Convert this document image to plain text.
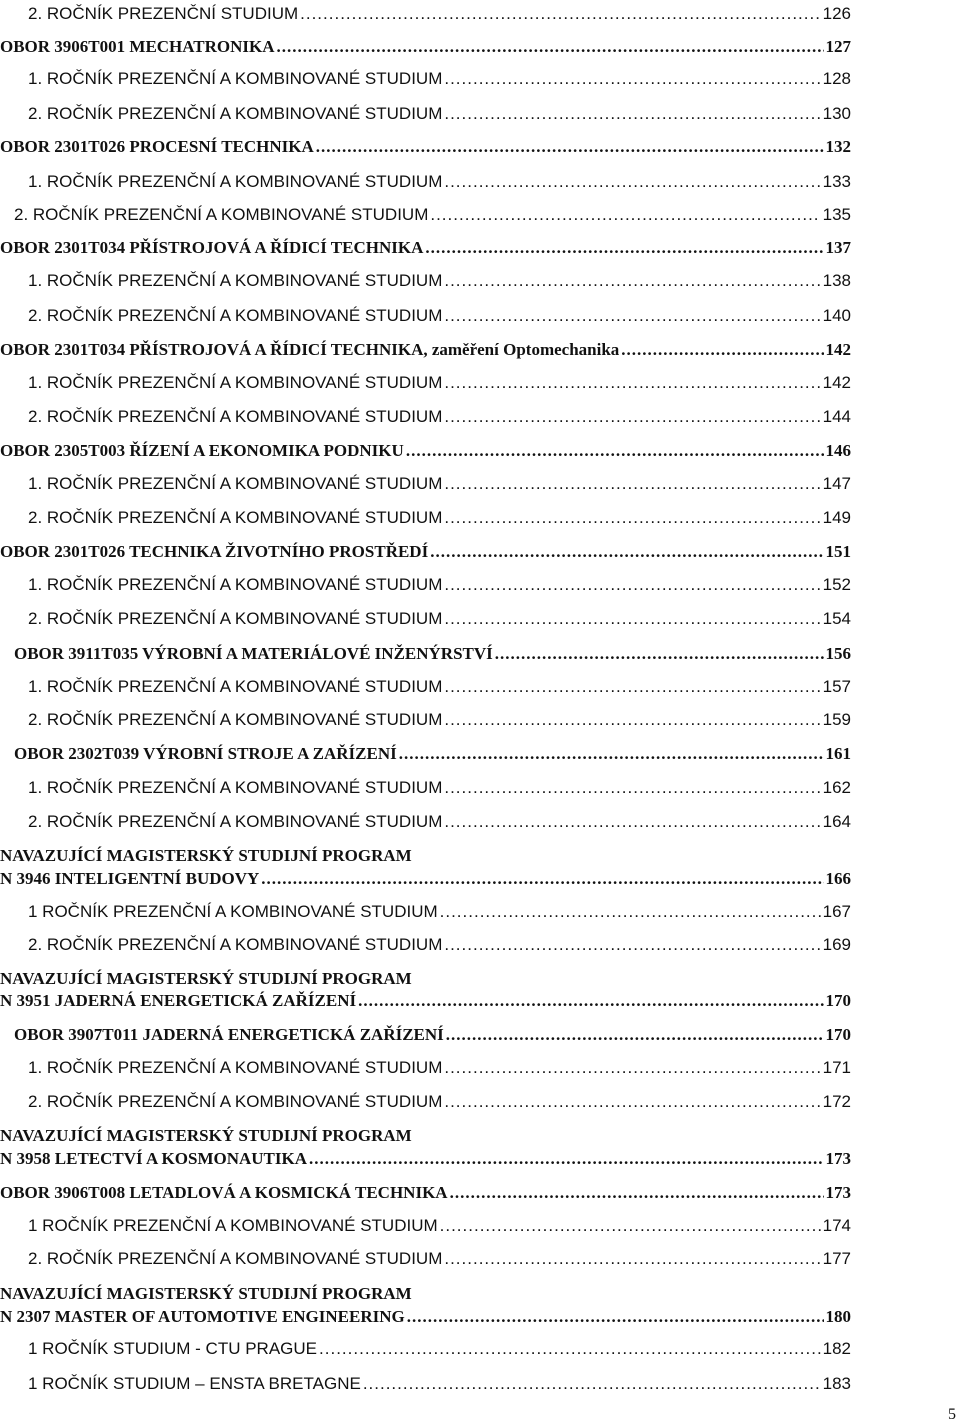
2. ROČNÍK PREZENČNÍ STUDIUM .....	126
OBOR 3906T001 MECHATRONIKA .....	127
1. ROČNÍK PREZENČNÍ A KOMBINOVANÉ STUDIUM .....	128
2. ROČNÍK PREZENČNÍ A KOMBINOVANÉ STUDIUM .....	130
OBOR 2301T026 PROCESNÍ TECHNIKA .....	132
1. ROČNÍK PREZENČNÍ A KOMBINOVANÉ STUDIUM .....	133
2. ROČNÍK PREZENČNÍ A KOMBINOVANÉ STUDIUM .....	135
OBOR 2301T034 PŘÍSTROJOVÁ A ŘÍDICÍ TECHNIKA .....	137
1. ROČNÍK PREZENČNÍ A KOMBINOVANÉ STUDIUM .....	138
2. ROČNÍK PREZENČNÍ A KOMBINOVANÉ STUDIUM .....	140
OBOR 2301T034 PŘÍSTROJOVÁ A ŘÍDICÍ TECHNIKA, zaměření Optomechanika .....	142
1. ROČNÍK PREZENČNÍ A KOMBINOVANÉ STUDIUM .....	142
2. ROČNÍK PREZENČNÍ A KOMBINOVANÉ STUDIUM .....	144
OBOR 2305T003 ŘÍZENÍ A EKONOMIKA PODNIKU .....	146
1. ROČNÍK PREZENČNÍ A KOMBINOVANÉ STUDIUM .....	147
2. ROČNÍK PREZENČNÍ A KOMBINOVANÉ STUDIUM .....	149
OBOR 2301T026 TECHNIKA ŽIVOTNÍHO PROSTŘEDÍ .....	151
1. ROČNÍK PREZENČNÍ A KOMBINOVANÉ STUDIUM .....	152
2. ROČNÍK PREZENČNÍ A KOMBINOVANÉ STUDIUM .....	154
OBOR 3911T035 VÝROBNÍ A MATERIÁLOVÉ INŽENÝRSTVÍ .....	156
1. ROČNÍK PREZENČNÍ A KOMBINOVANÉ STUDIUM .....	157
2. ROČNÍK PREZENČNÍ A KOMBINOVANÉ STUDIUM .....	159
OBOR 2302T039 VÝROBNÍ STROJE A ZAŘÍZENÍ .....	161
1. ROČNÍK PREZENČNÍ A KOMBINOVANÉ STUDIUM .....	162
2. ROČNÍK PREZENČNÍ A KOMBINOVANÉ STUDIUM .....	164
NAVAZUJÍCÍ MAGISTERSKÝ STUDIJNÍ PROGRAM
N 3946 INTELIGENTNÍ BUDOVY .....	166
1 ROČNÍK PREZENČNÍ A KOMBINOVANÉ STUDIUM .....	167
2. ROČNÍK PREZENČNÍ A KOMBINOVANÉ STUDIUM .....	169
NAVAZUJÍCÍ MAGISTERSKÝ STUDIJNÍ PROGRAM
N 3951 JADERNÁ ENERGETICKÁ ZAŘÍZENÍ .....	170
OBOR 3907T011 JADERNÁ ENERGETICKÁ ZAŘÍZENÍ .....	170
1. ROČNÍK PREZENČNÍ A KOMBINOVANÉ STUDIUM .....	171
2. ROČNÍK PREZENČNÍ A KOMBINOVANÉ STUDIUM .....	172
NAVAZUJÍCÍ MAGISTERSKÝ STUDIJNÍ PROGRAM
N 3958 LETECTVÍ A KOSMONAUTIKA .....	173
OBOR 3906T008 LETADLOVÁ A KOSMICKÁ TECHNIKA .....	173
1 ROČNÍK PREZENČNÍ A KOMBINOVANÉ STUDIUM .....	174
2. ROČNÍK PREZENČNÍ A KOMBINOVANÉ STUDIUM .....	177
NAVAZUJÍCÍ MAGISTERSKÝ STUDIJNÍ PROGRAM
N 2307 MASTER OF AUTOMOTIVE ENGINEERING .....	180
1 ROČNÍK STUDIUM - CTU PRAGUE .....	182
1 ROČNÍK STUDIUM – ENSTA BRETAGNE .....	183
5
